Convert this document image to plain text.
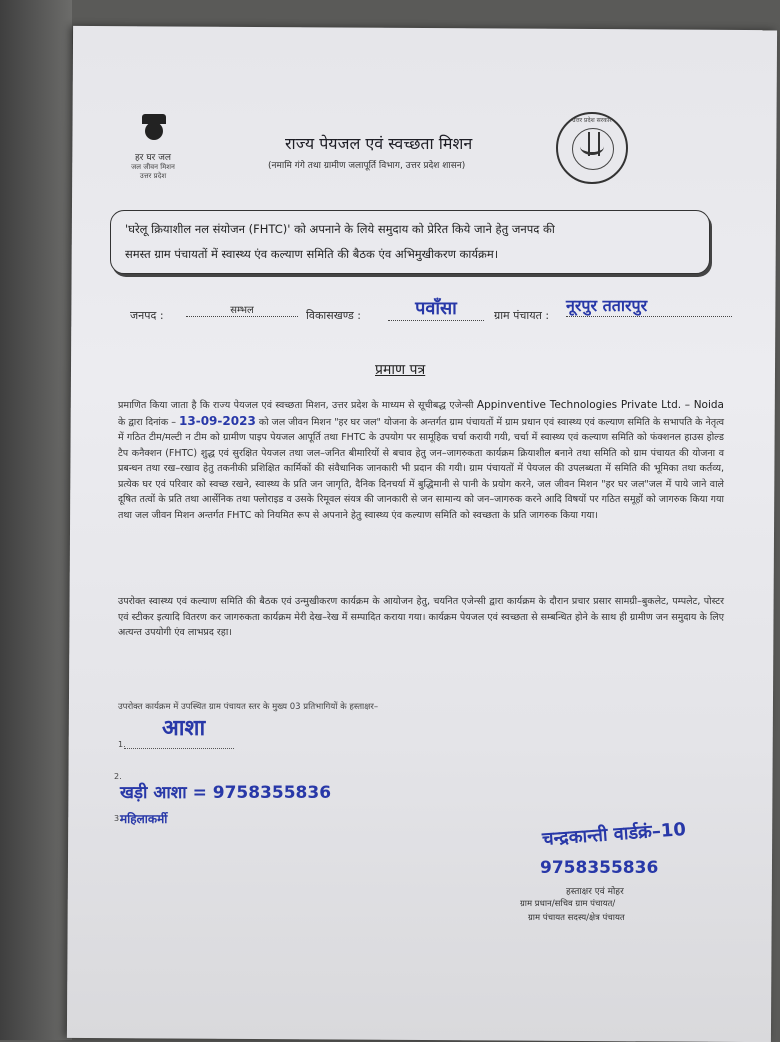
हर घर जल
जल जीवन मिशन
उत्तर प्रदेश
राज्य पेयजल एवं स्वच्छता मिशन
(नमामि गंगे तथा ग्रामीण जलापूर्ति विभाग, उत्तर प्रदेश शासन)
उत्तर प्रदेश सरकार

'घरेलू क्रियाशील नल संयोजन (FHTC)' को अपनाने के लिये समुदाय को प्रेरित किये जाने हेतु जनपद की

समस्त ग्राम पंचायतों में स्वास्थ्य एंव कल्याण समिति की बैठक एंव अभिमुखीकरण कार्यक्रम।

जनपद :	सम्भल	विकासखण्ड :	पवाँसा	ग्राम पंचायत :
नूरपुर ततारपुर
प्रमाण पत्र

प्रमाणित किया जाता है कि राज्य पेयजल एवं स्वच्छता मिशन, उत्तर प्रदेश के माध्यम से सूचीबद्ध एजेन्सी Appinventive Technologies Private Ltd. – Noida के द्वारा दिनांक – 13-09-2023 को जल जीवन मिशन "हर घर जल" योजना के अन्तर्गत ग्राम पंचायतों में ग्राम प्रधान एवं स्वास्थ्य एवं कल्याण समिति के सभापति के नेतृत्व में गठित टीम/मल्टी न टीम को ग्रामीण पाइप पेयजल आपूर्ति तथा FHTC के उपयोग पर सामूहिक चर्चा करायी गयी, चर्चा में स्वास्थ्य एवं कल्याण समिति को फंक्शनल हाउस होल्ड टैप कनैक्शन (FHTC) शुद्ध एवं सुरक्षित पेयजल तथा जल–जनित बीमारियों से बचाव हेतु जन–जागरुकता कार्यक्रम क्रियाशील बनाने तथा समिति को ग्राम पंचायत की योजना व प्रबन्धन तथा रख–रखाव हेतु तकनीकी प्रशिक्षित कार्मिकों की संवैधानिक जानकारी भी प्रदान की गयी। ग्राम पंचायतों में पेयजल की उपलब्धता में समिति की भूमिका तथा कर्तव्य, प्रत्येक घर एवं परिवार को स्वच्छ रखने, स्वास्थ्य के प्रति जन जागृति, दैनिक दिनचर्या में बुद्धिमानी से पानी के प्रयोग करने, जल जीवन मिशन "हर घर जल"जल में पाये जाने वाले दूषित तत्वों के प्रति तथा आर्सेनिक तथा फ्लोराइड व उसके रिमूवल संयत्र की जानकारी से जन सामान्य को जन–जागरुक करने आदि विषयों पर गठित समूहों को जागरुक किया गया तथा जल जीवन मिशन अन्तर्गत FHTC को नियमित रूप से अपनाने हेतु स्वास्थ्य एंव कल्याण समिति को स्वच्छता के प्रति जागरुक किया गया।

उपरोक्त स्वास्थ्य एवं कल्याण समिति की बैठक एवं उन्मुखीकरण कार्यक्रम के आयोजन हेतु, चयनित एजेन्सी द्वारा कार्यक्रम के दौरान प्रचार प्रसार सामग्री–बुकलेट, पम्पलेट, पोस्टर एवं स्टीकर इत्यादि वितरण कर जागरुकता कार्यक्रम मेरी देख–रेख में सम्पादित कराया गया। कार्यक्रम पेयजल एवं स्वच्छता से सम्बन्धित होने के साथ ही ग्रामीण जन समुदाय के लिए अत्यन्त उपयोगी एंव लाभप्रद रहा।

उपरोक्त कार्यक्रम में उपस्थित ग्राम पंचायत स्तर के मुख्य 03 प्रतिभागियों के हस्ताक्षर–
आशा
1.
2.
खड़ी आशा = 9758355836
3.
महिलाकर्मी
चन्द्रकान्ती वार्डक्रं–10
9758355836
हस्ताक्षर एवं मोहर
ग्राम प्रधान/सचिव ग्राम पंचायत/
ग्राम पंचायत सदस्य/क्षेत्र पंचायत
